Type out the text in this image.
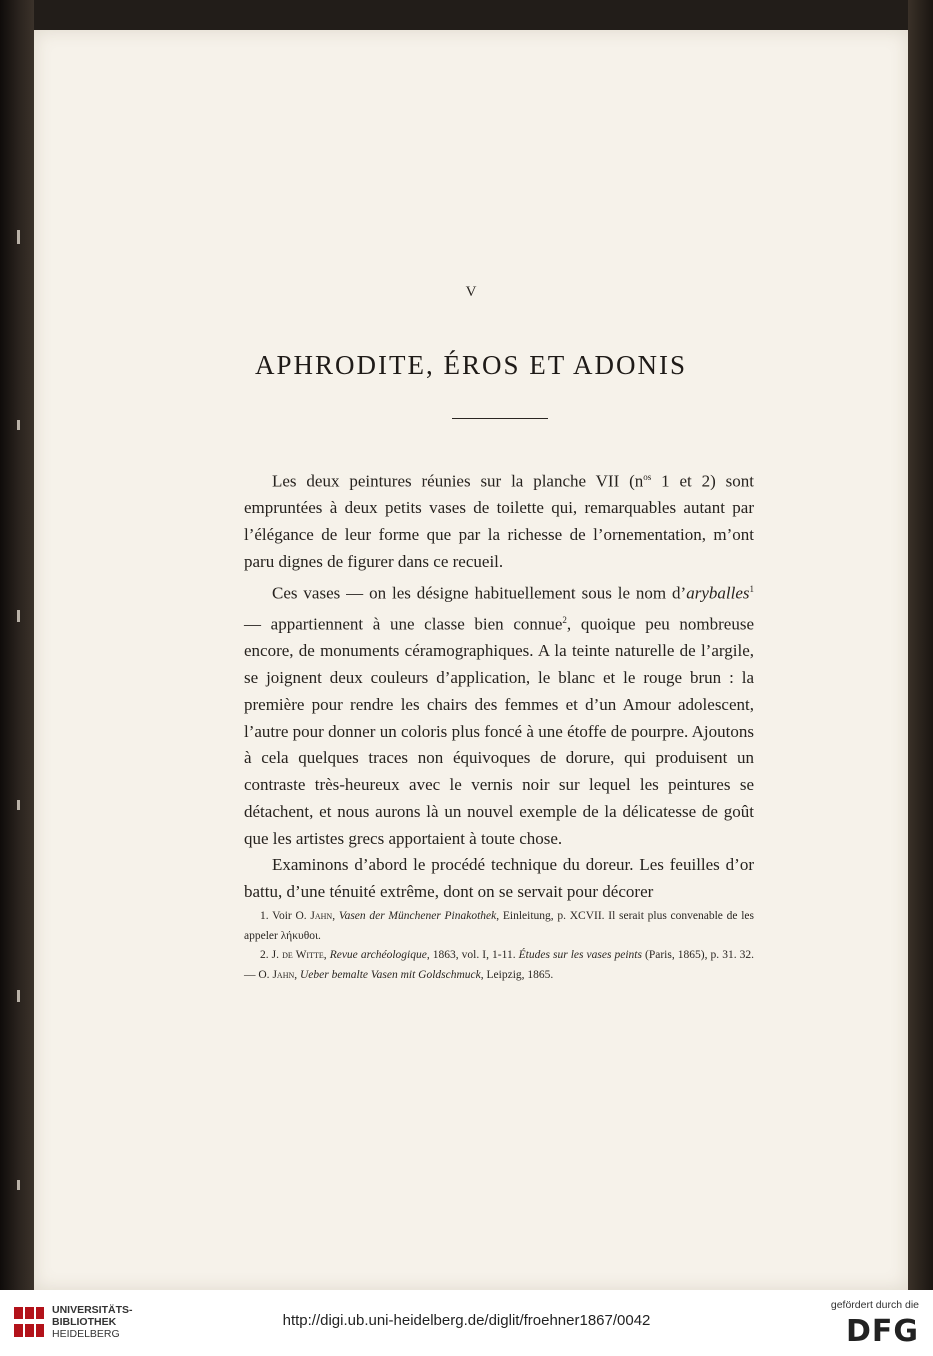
V
APHRODITE, ÉROS ET ADONIS

Les deux peintures réunies sur la planche VII ($n^{os}$ 1 et 2) sont empruntées à deux petits vases de toilette qui, remarquables autant par l’élégance de leur forme que par la richesse de l’ornementation, m’ont paru dignes de figurer dans ce recueil.

Ces vases — on les désigne habituellement sous le nom d’aryballes$^1$ — appartiennent à une classe bien connue$^2$, quoique peu nombreuse encore, de monuments céramographiques. A la teinte naturelle de l’argile, se joignent deux couleurs d’application, le blanc et le rouge brun : la première pour rendre les chairs des femmes et d’un Amour adolescent, l’autre pour donner un coloris plus foncé à une étoffe de pourpre. Ajoutons à cela quelques traces non équivoques de dorure, qui produisent un contraste très-heureux avec le vernis noir sur lequel les peintures se détachent, et nous aurons là un nouvel exemple de la délicatesse de goût que les artistes grecs apportaient à toute chose.

Examinons d’abord le procédé technique du doreur. Les feuilles d’or battu, d’une ténuité extrême, dont on se servait pour décorer

1. Voir O. Jahn, Vasen der Münchener Pinakothek, Einleitung, p. XCVII. Il serait plus convenable de les appeler λήκυθοι.

2. J. de Witte, Revue archéologique, 1863, vol. I, 1-11. Études sur les vases peints (Paris, 1865), p. 31. 32. — O. Jahn, Ueber bemalte Vasen mit Goldschmuck, Leipzig, 1865.

UNIVERSITÄTS-
BIBLIOTHEK
HEIDELBERG
http://digi.ub.uni-heidelberg.de/diglit/froehner1867/0042
gefördert durch die
DFG
